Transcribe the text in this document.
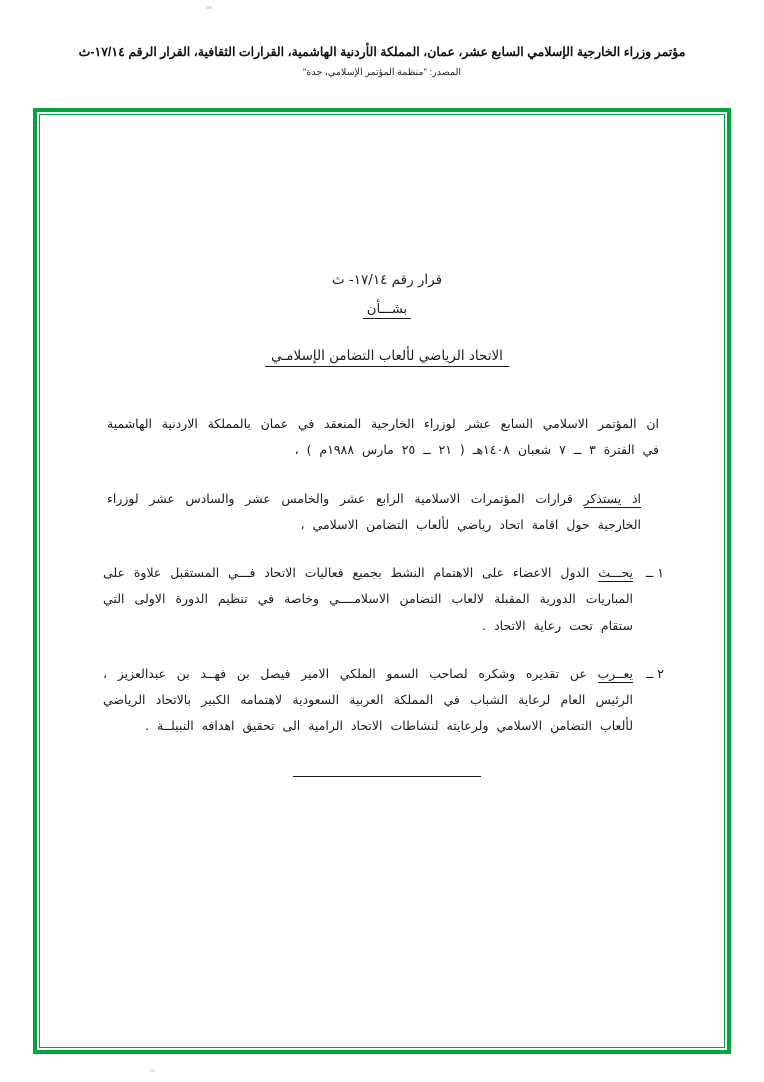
مؤتمر وزراء الخارجية الإسلامي السابع عشر، عمان، المملكة الأردنية الهاشمية، القرارات الثقافية، القرار الرقم ١٧/١٤-ث
المصدر: "منظمة المؤتمر الإسلامي، جدة"
قرار رقم ١٧/١٤- ث
بشـــأن
الاتحاد الرياضي لألعاب التضامن الإسلامـي
ان المؤتمر الاسلامي السابع عشر لوزراء الخارجية المنعقد في عمان بالمملكة الاردنية الهاشمية في الفترة ٣ ــ ٧ شعبان ١٤٠٨هـ ( ٢١ ــ ٢٥ مارس ١٩٨٨م ) ،
اذ يستذكر قرارات المؤتمرات الاسلامية الرابع عشر والخامس عشر والسادس عشر لوزراء الخارجية حول اقامة اتحاد رياضي لألعاب التضامن الاسلامي ،
١ ــ
يحـــث الدول الاعضاء على الاهتمام النشط بجميع فعاليات الاتحاد فـــي المستقبل علاوة على المباريات الدورية المقبلة لالعاب التضامن الاسلامــــي وخاصة في تنظيم الدورة الاولى التي ستقام تحت رعاية الاتحاد .
٢ ــ
يعــرب عن تقديره وشكره لصاحب السمو الملكي الامير فيصل بن فهــد بن عبدالعزيز ، الرئيس العام لرعاية الشباب في المملكة العربية السعودية لاهتمامه الكبير بالاتحاد الرياضي لألعاب التضامن الاسلامي ولرعايته لنشاطات الاتحاد الرامية الى تحقيق اهدافه النبيلــة .
